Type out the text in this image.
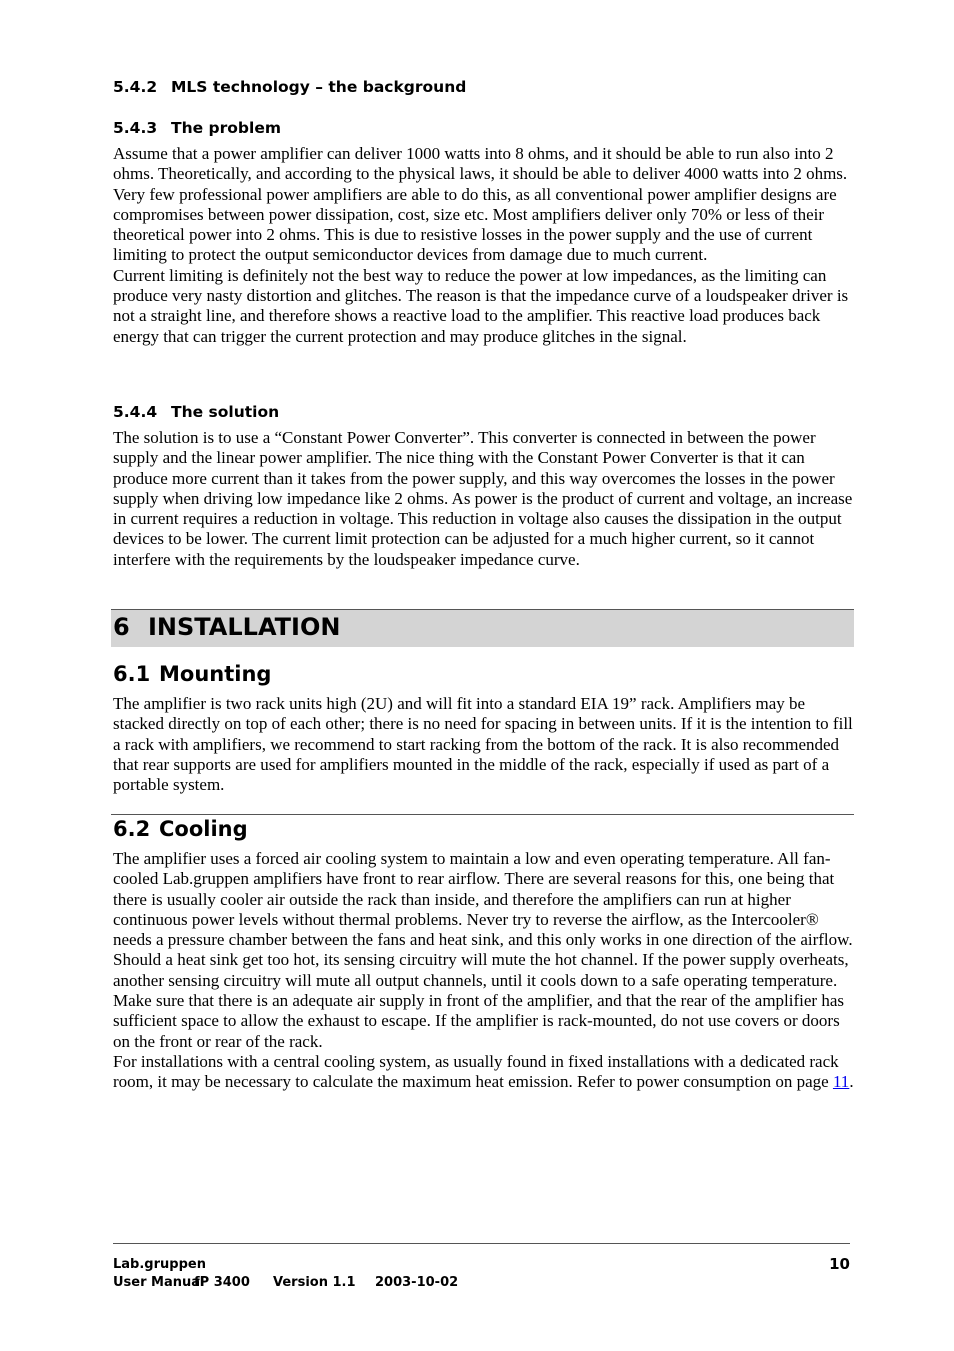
5.4.2 MLS technology – the background
5.4.3 The problem

Assume that a power amplifier can deliver 1000 watts into 8 ohms, and it should be able to run also into 2 ohms. Theoretically, and according to the physical laws, it should be able to deliver 4000 watts into 2 ohms.

Very few professional power amplifiers are able to do this, as all conventional power amplifier designs are compromises between power dissipation, cost, size etc. Most amplifiers deliver only 70% or less of their theoretical power into 2 ohms. This is due to resistive losses in the power supply and the use of current limiting to protect the output semiconductor devices from damage due to much current.

Current limiting is definitely not the best way to reduce the power at low impedances, as the limiting can produce very nasty distortion and glitches. The reason is that the impedance curve of a loudspeaker driver is not a straight line, and therefore shows a reactive load to the amplifier. This reactive load produces back energy that can trigger the current protection and may produce glitches in the signal.

5.4.4 The solution

The solution is to use a “Constant Power Converter”. This converter is connected in between the power supply and the linear power amplifier. The nice thing with the Constant Power Converter is that it can produce more current than it takes from the power supply, and this way overcomes the losses in the power supply when driving low impedance like 2 ohms. As power is the product of current and voltage, an increase in current requires a reduction in voltage. This reduction in voltage also causes the dissipation in the output devices to be lower. The current limit protection can be adjusted for a much higher current, so it cannot interfere with the requirements by the loudspeaker impedance curve.

6 INSTALLATION
6.1 Mounting

The amplifier is two rack units high (2U) and will fit into a standard EIA 19” rack. Amplifiers may be stacked directly on top of each other; there is no need for spacing in between units. If it is the intention to fill a rack with amplifiers, we recommend to start racking from the bottom of the rack. It is also recommended that rear supports are used for amplifiers mounted in the middle of the rack, especially if used as part of a portable system.

6.2 Cooling

The amplifier uses a forced air cooling system to maintain a low and even operating temperature. All fan-cooled Lab.gruppen amplifiers have front to rear airflow. There are several reasons for this, one being that there is usually cooler air outside the rack than inside, and therefore the amplifiers can run at higher continuous power levels without thermal problems. Never try to reverse the airflow, as the Intercooler® needs a pressure chamber between the fans and heat sink, and this only works in one direction of the airflow.

Should a heat sink get too hot, its sensing circuitry will mute the hot channel. If the power supply overheats, another sensing circuitry will mute all output channels, until it cools down to a safe operating temperature.

Make sure that there is an adequate air supply in front of the amplifier, and that the rear of the amplifier has sufficient space to allow the exhaust to escape. If the amplifier is rack-mounted, do not use covers or doors on the front or rear of the rack.

For installations with a central cooling system, as usually found in fixed installations with a dedicated rack room, it may be necessary to calculate the maximum heat emission. Refer to power consumption on page 11.

Lab.gruppen
User ManualfP 3400 Version 1.1 2003-10-02
10
